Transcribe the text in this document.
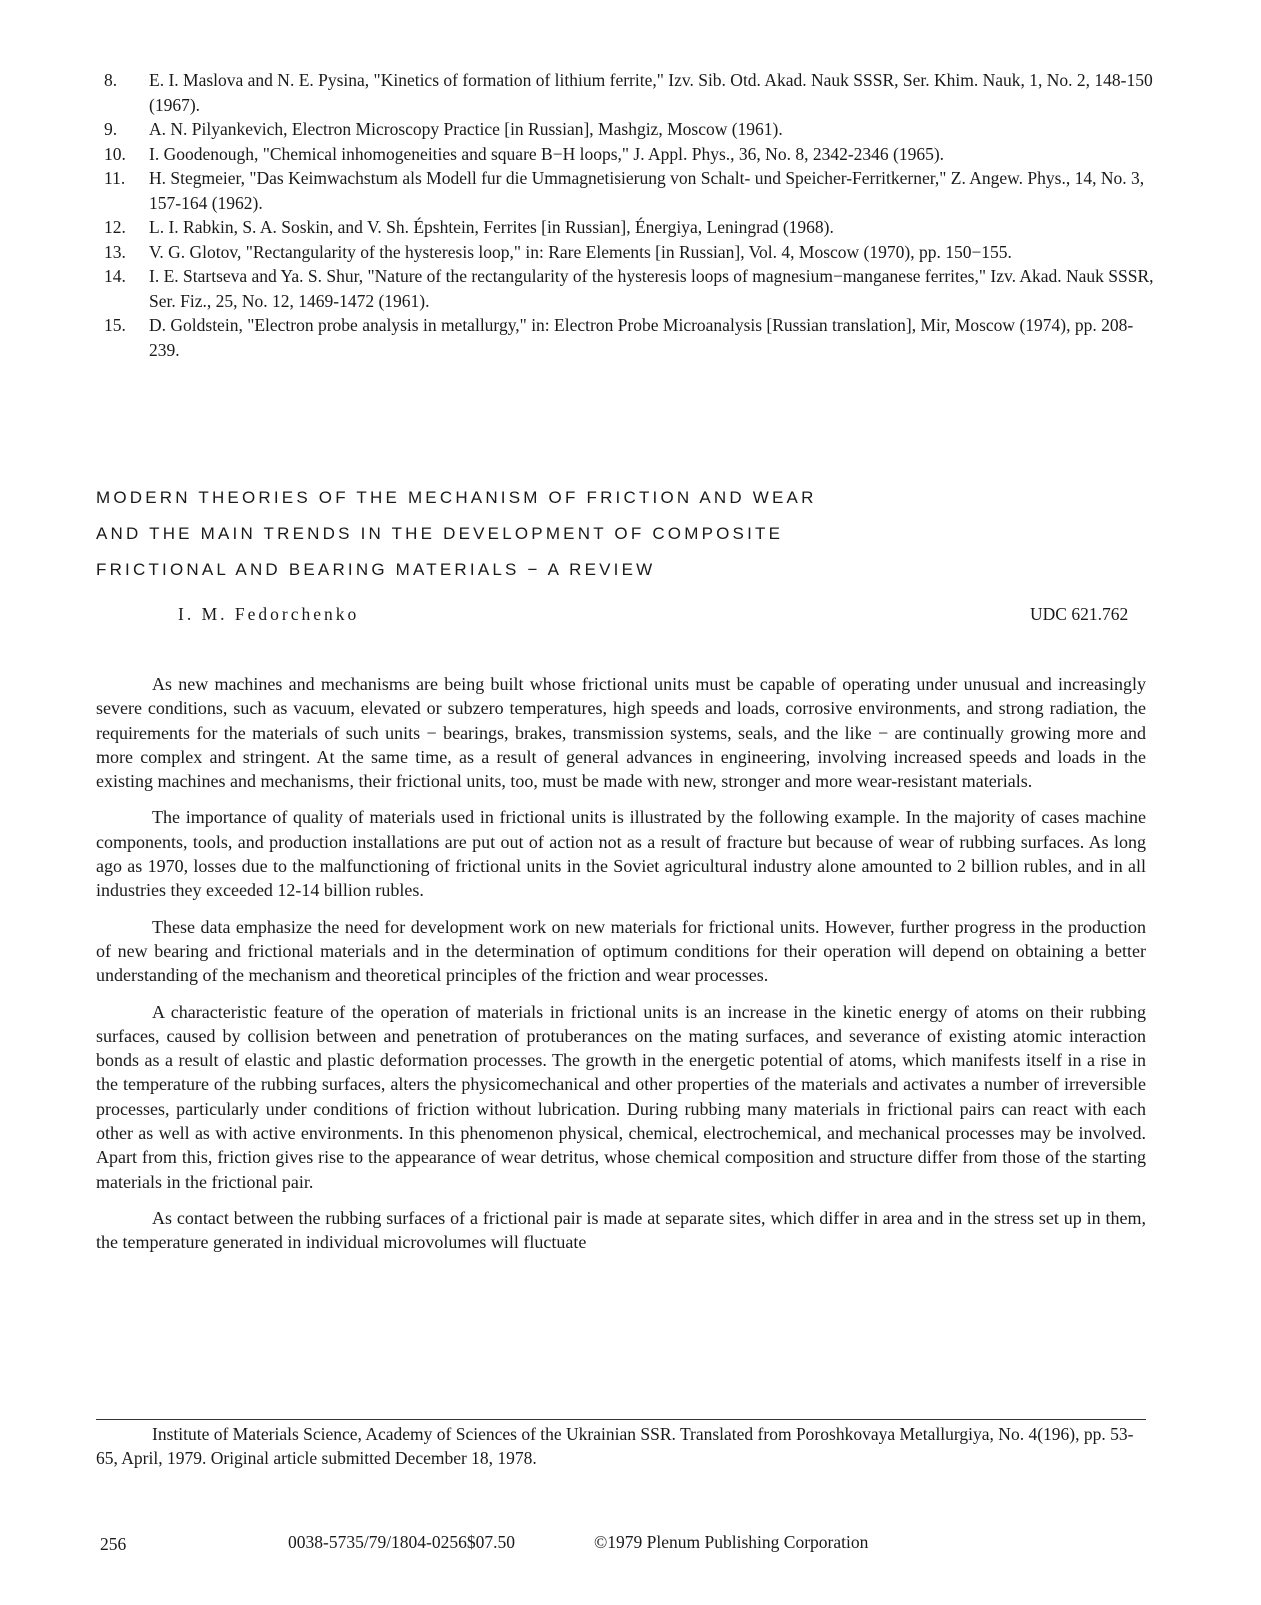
8.	E. I. Maslova and N. E. Pysina, "Kinetics of formation of lithium ferrite," Izv. Sib. Otd. Akad. Nauk SSSR, Ser. Khim. Nauk, 1, No. 2, 148-150 (1967).
9.	A. N. Pilyankevich, Electron Microscopy Practice [in Russian], Mashgiz, Moscow (1961).
10.	I. Goodenough, "Chemical inhomogeneities and square B−H loops," J. Appl. Phys., 36, No. 8, 2342-2346 (1965).
11.	H. Stegmeier, "Das Keimwachstum als Modell fur die Ummagnetisierung von Schalt- und Speicher-Ferritkerner," Z. Angew. Phys., 14, No. 3, 157-164 (1962).
12.	L. I. Rabkin, S. A. Soskin, and V. Sh. Épshtein, Ferrites [in Russian], Énergiya, Leningrad (1968).
13.	V. G. Glotov, "Rectangularity of the hysteresis loop," in: Rare Elements [in Russian], Vol. 4, Moscow (1970), pp. 150−155.
14.	I. E. Startseva and Ya. S. Shur, "Nature of the rectangularity of the hysteresis loops of magnesium−manganese ferrites," Izv. Akad. Nauk SSSR, Ser. Fiz., 25, No. 12, 1469-1472 (1961).
15.	D. Goldstein, "Electron probe analysis in metallurgy," in: Electron Probe Microanalysis [Russian translation], Mir, Moscow (1974), pp. 208-239.
MODERN THEORIES OF THE MECHANISM OF FRICTION AND WEAR
AND THE MAIN TRENDS IN THE DEVELOPMENT OF COMPOSITE
FRICTIONAL AND BEARING MATERIALS − A REVIEW
I. M. Fedorchenko	UDC 621.762

As new machines and mechanisms are being built whose frictional units must be capable of operating under unusual and increasingly severe conditions, such as vacuum, elevated or subzero temperatures, high speeds and loads, corrosive environments, and strong radiation, the requirements for the materials of such units − bearings, brakes, transmission systems, seals, and the like − are continually growing more and more complex and stringent. At the same time, as a result of general advances in engineering, involving increased speeds and loads in the existing machines and mechanisms, their frictional units, too, must be made with new, stronger and more wear-resistant materials.

The importance of quality of materials used in frictional units is illustrated by the following example. In the majority of cases machine components, tools, and production installations are put out of action not as a result of fracture but because of wear of rubbing surfaces. As long ago as 1970, losses due to the malfunctioning of frictional units in the Soviet agricultural industry alone amounted to 2 billion rubles, and in all industries they exceeded 12-14 billion rubles.

These data emphasize the need for development work on new materials for frictional units. However, further progress in the production of new bearing and frictional materials and in the determination of optimum conditions for their operation will depend on obtaining a better understanding of the mechanism and theoretical principles of the friction and wear processes.

A characteristic feature of the operation of materials in frictional units is an increase in the kinetic energy of atoms on their rubbing surfaces, caused by collision between and penetration of protuberances on the mating surfaces, and severance of existing atomic interaction bonds as a result of elastic and plastic deformation processes. The growth in the energetic potential of atoms, which manifests itself in a rise in the temperature of the rubbing surfaces, alters the physicomechanical and other properties of the materials and activates a number of irreversible processes, particularly under conditions of friction without lubrication. During rubbing many materials in frictional pairs can react with each other as well as with active environments. In this phenomenon physical, chemical, electrochemical, and mechanical processes may be involved. Apart from this, friction gives rise to the appearance of wear detritus, whose chemical composition and structure differ from those of the starting materials in the frictional pair.

As contact between the rubbing surfaces of a frictional pair is made at separate sites, which differ in area and in the stress set up in them, the temperature generated in individual microvolumes will fluctuate

Institute of Materials Science, Academy of Sciences of the Ukrainian SSR. Translated from Poroshkovaya Metallurgiya, No. 4(196), pp. 53-65, April, 1979. Original article submitted December 18, 1978.
256	0038-5735/79/1804-0256$07.50	©1979 Plenum Publishing Corporation
